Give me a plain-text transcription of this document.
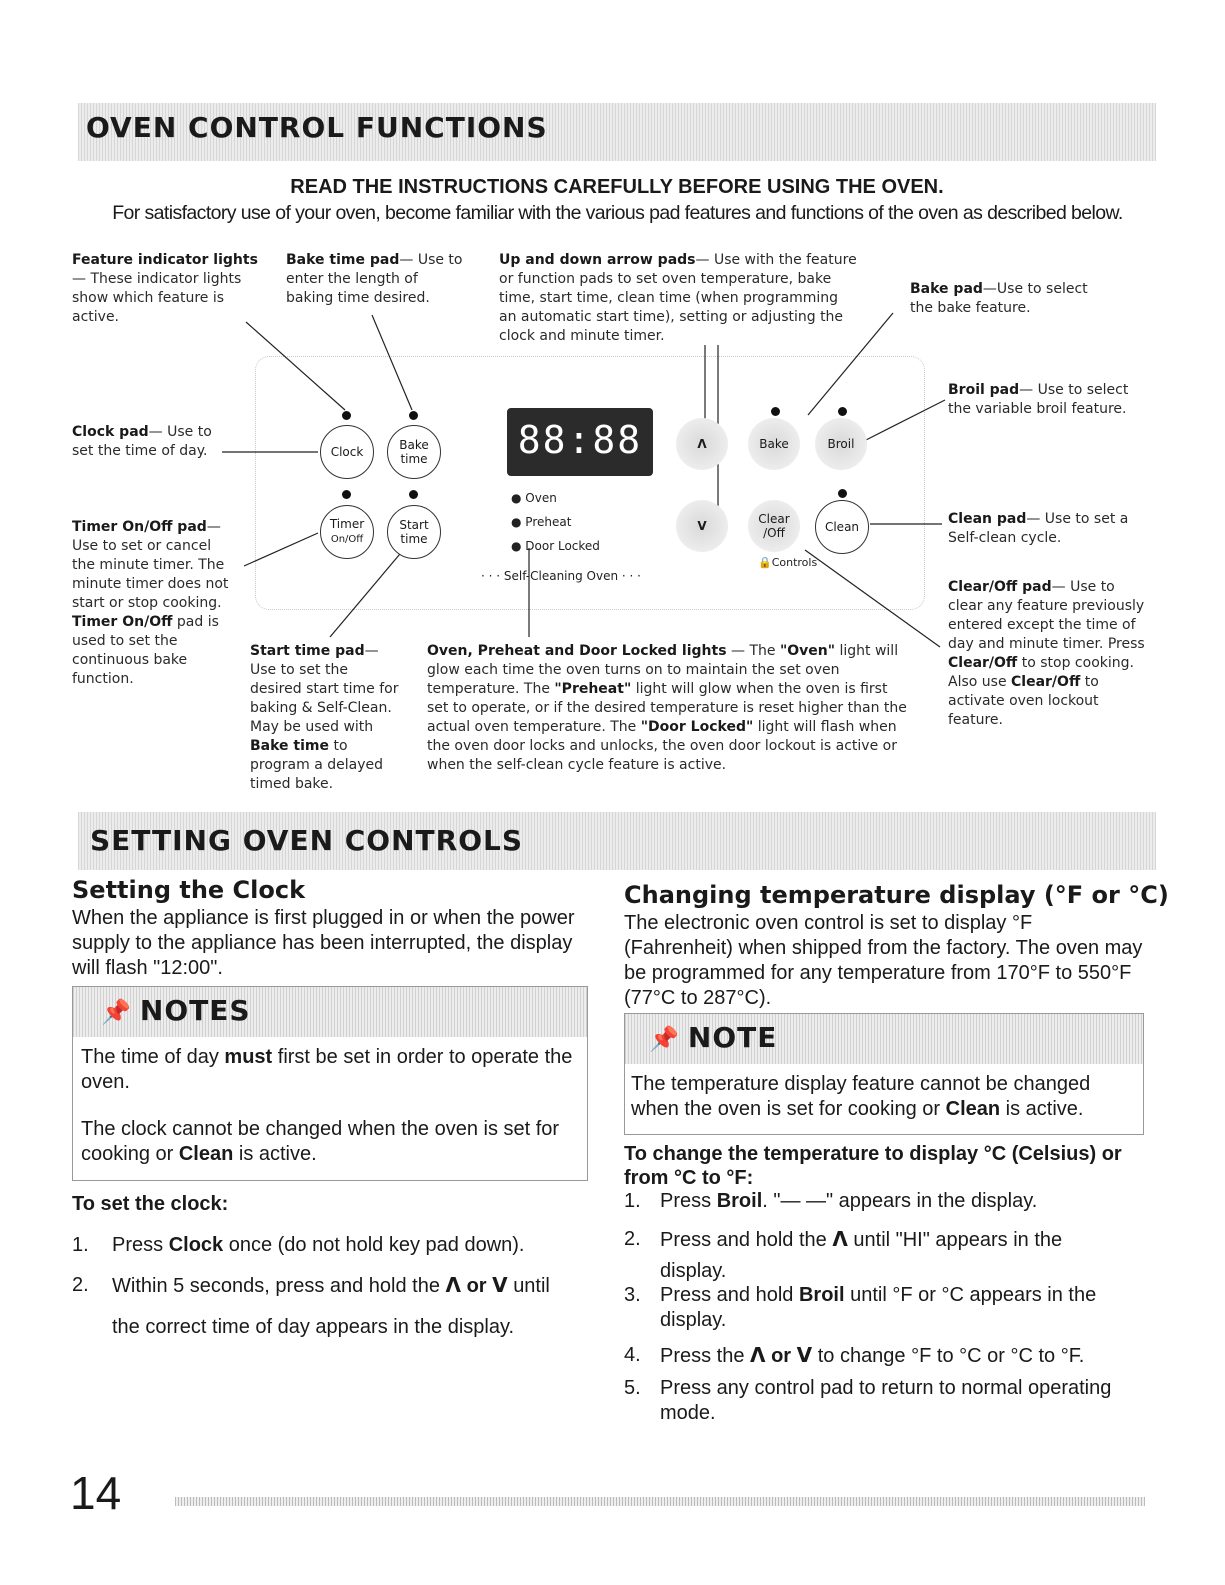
OVEN CONTROL FUNCTIONS
READ THE INSTRUCTIONS CAREFULLY BEFORE USING THE OVEN.
For satisfactory use of your oven, become familiar with the various pad features and functions of the oven as described below.
Feature indicator lights — These indicator lights show which feature is active.
Bake time pad— Use to enter the length of baking time desired.
Up and down arrow pads— Use with the feature or function pads to set oven temperature, bake time, start time, clean time (when programming an automatic start time), setting or adjusting the clock and minute timer.
Bake pad—Use to select the bake feature.
Broil pad— Use to select the variable broil feature.
Clock pad— Use to set the time of day.
Timer On/Off pad— Use to set or cancel the minute timer. The minute timer does not start or stop cooking. Timer On/Off pad is used to set the continuous bake function.
Start time pad— Use to set the desired start time for baking & Self-Clean. May be used with Bake time to program a delayed timed bake.
Oven, Preheat and Door Locked lights — The "Oven" light will glow each time the oven turns on to maintain the set oven temperature. The "Preheat" light will glow when the oven is first set to operate, or if the desired temperature is reset higher than the actual oven temperature. The "Door Locked" light will flash when the oven door locks and unlocks, the oven door lockout is active or when the self-clean cycle feature is active.
Clean pad— Use to set a Self-clean cycle.
Clear/Off pad— Use to clear any feature previously entered except the time of day and minute timer. Press Clear/Off to stop cooking.
Also use Clear/Off to activate oven lockout feature.
Clock	Bake
time
Timer
On/Off
Start
time
88:88
● Oven
● Preheat
● Door Locked
· · · Self-Cleaning Oven · · ·
Λ
V
Bake	Broil
Clear
/Off	Clean
🔒Controls
SETTING OVEN CONTROLS
Setting the Clock
When the appliance is first plugged in or when the power supply to the appliance has been interrupted, the display will flash "12:00".
📌 NOTES
The time of day must first be set in order to operate the oven.
The clock cannot be changed when the oven is set for cooking or Clean is active.
To set the clock:
1. Press Clock once (do not hold key pad down).
2. Within 5 seconds, press and hold the Λ or V until
the correct time of day appears in the display.
Changing temperature display (°F or °C)
The electronic oven control is set to display °F (Fahrenheit) when shipped from the factory. The oven may be programmed for any temperature from 170°F to 550°F (77°C to 287°C).
📌 NOTE
The temperature display feature cannot be changed when the oven is set for cooking or Clean is active.
To change the temperature to display °C (Celsius) or from °C to °F:
1. Press Broil. "— —" appears in the display.
2. Press and hold the Λ until "HI" appears in the
display.
3. Press and hold Broil until °F or °C appears in the
display.
4. Press the Λ or V to change °F to °C or °C to °F.
5. Press any control pad to return to normal operating
mode.
14
